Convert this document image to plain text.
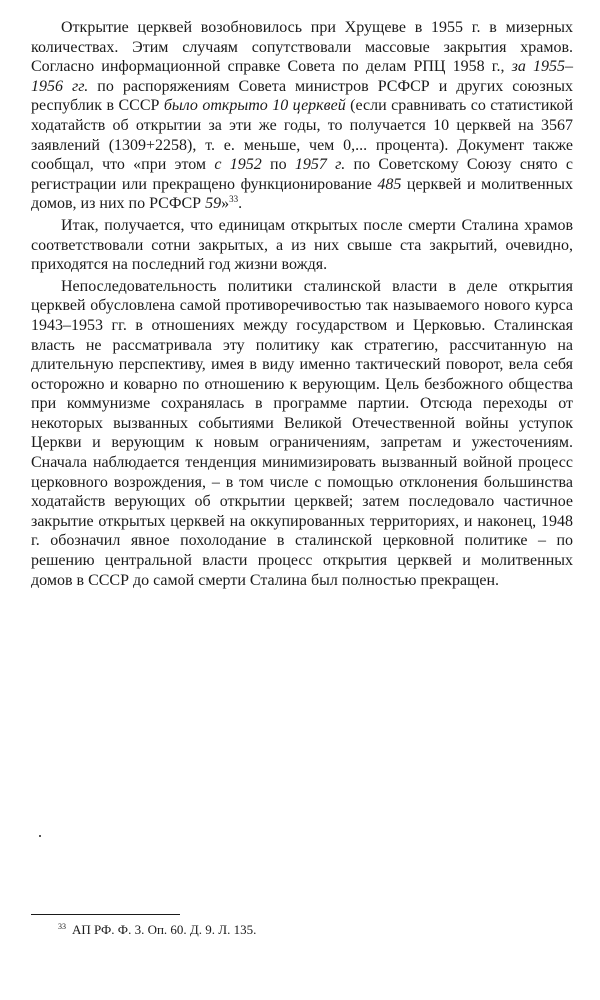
Открытие церквей возобновилось при Хрущеве в 1955 г. в мизерных количествах. Этим случаям сопутствовали массовые закрытия храмов. Согласно информационной справке Совета по делам РПЦ 1958 г., за 1955–1956 гг. по распоряжениям Совета министров РСФСР и других союзных республик в СССР было открыто 10 церквей (если сравнивать со статистикой ходатайств об открытии за эти же годы, то получается 10 церквей на 3567 заявлений (1309+2258), т. е. меньше, чем 0,... процента). Документ также сообщал, что «при этом с 1952 по 1957 г. по Советскому Союзу снято с регистрации или прекращено функционирование 485 церквей и молитвенных домов, из них по РСФСР 59»$^{33}$.

Итак, получается, что единицам открытых после смерти Сталина храмов соответствовали сотни закрытых, а из них свыше ста закрытий, очевидно, приходятся на последний год жизни вождя.

Непоследовательность политики сталинской власти в деле открытия церквей обусловлена самой противоречивостью так называемого нового курса 1943–1953 гг. в отношениях между государством и Церковью. Сталинская власть не рассматривала эту политику как стратегию, рассчитанную на длительную перспективу, имея в виду именно тактический поворот, вела себя осторожно и коварно по отношению к верующим. Цель безбожного общества при коммунизме сохранялась в программе партии. Отсюда переходы от некоторых вызванных событиями Великой Отечественной войны уступок Церкви и верующим к новым ограничениям, запретам и ужесточениям. Сначала наблюдается тенденция минимизировать вызванный войной процесс церковного возрождения, – в том числе с помощью отклонения большинства ходатайств верующих об открытии церквей; затем последовало частичное закрытие открытых церквей на оккупированных территориях, и наконец, 1948 г. обозначил явное похолодание в сталинской церковной политике – по решению центральной власти процесс открытия церквей и молитвенных домов в СССР до самой смерти Сталина был полностью прекращен.

$^{33}$ АП РФ. Ф. 3. Оп. 60. Д. 9. Л. 135.
